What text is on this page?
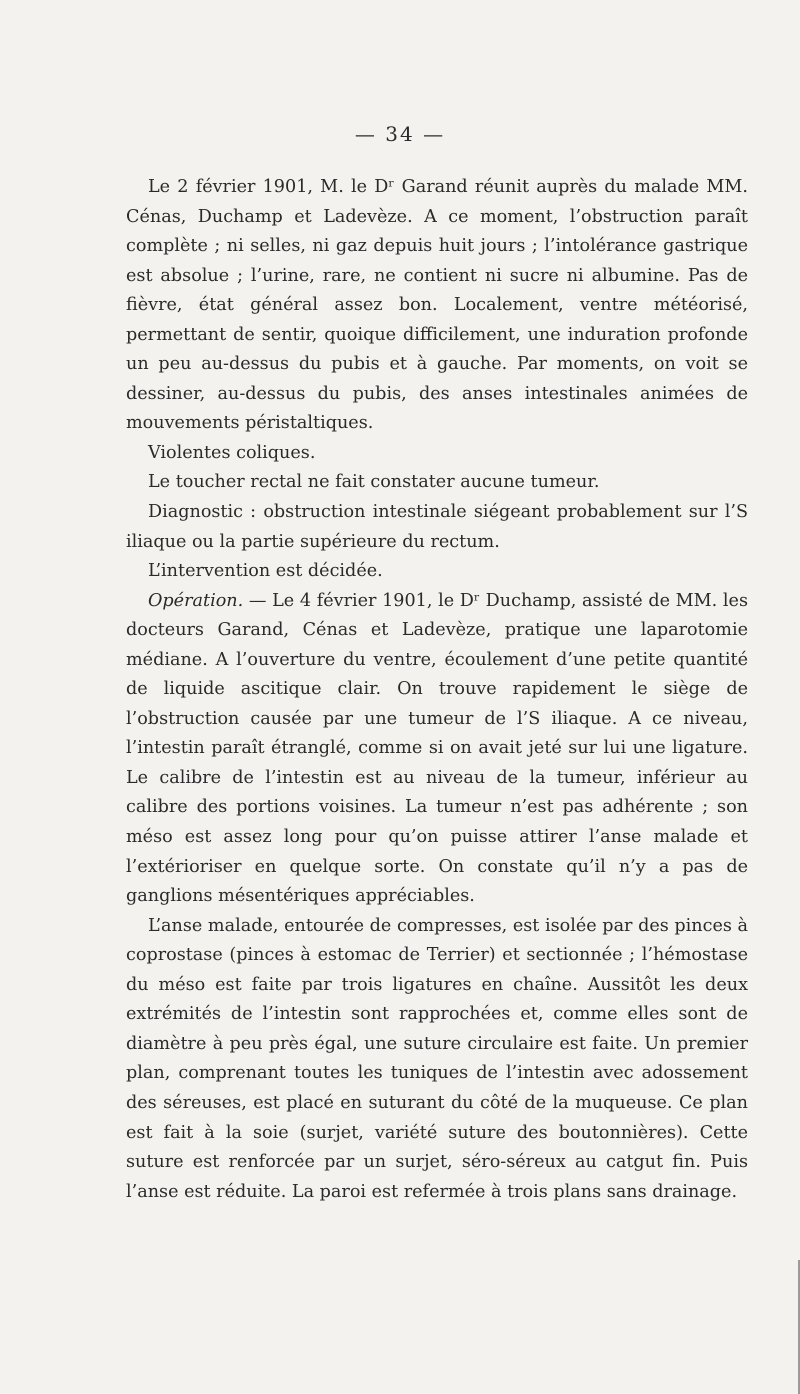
— 34 —

Le 2 février 1901, M. le Dʳ Garand réunit auprès du malade MM. Cénas, Duchamp et Ladevèze. A ce moment, l’obstruction paraît complète ; ni selles, ni gaz depuis huit jours ; l’intolérance gastrique est absolue ; l’urine, rare, ne contient ni sucre ni albumine. Pas de fièvre, état général assez bon. Localement, ventre météorisé, permettant de sentir, quoique difficilement, une induration profonde un peu au-dessus du pubis et à gauche. Par moments, on voit se dessiner, au-dessus du pubis, des anses intestinales animées de mouvements péristaltiques.

Violentes coliques.

Le toucher rectal ne fait constater aucune tumeur.

Diagnostic : obstruction intestinale siégeant probablement sur l’S iliaque ou la partie supérieure du rectum.

L’intervention est décidée.

Opération. — Le 4 février 1901, le Dʳ Duchamp, assisté de MM. les docteurs Garand, Cénas et Ladevèze, pratique une laparotomie médiane. A l’ouverture du ventre, écoulement d’une petite quantité de liquide ascitique clair. On trouve rapidement le siège de l’obstruction causée par une tumeur de l’S iliaque. A ce niveau, l’intestin paraît étranglé, comme si on avait jeté sur lui une ligature. Le calibre de l’intestin est au niveau de la tumeur, inférieur au calibre des portions voisines. La tumeur n’est pas adhérente ; son méso est assez long pour qu’on puisse attirer l’anse malade et l’extérioriser en quelque sorte. On constate qu’il n’y a pas de ganglions mésentériques appréciables.

L’anse malade, entourée de compresses, est isolée par des pinces à coprostase (pinces à estomac de Terrier) et sectionnée ; l’hémostase du méso est faite par trois ligatures en chaîne. Aussitôt les deux extrémités de l’intestin sont rapprochées et, comme elles sont de diamètre à peu près égal, une suture circulaire est faite. Un premier plan, comprenant toutes les tuniques de l’intestin avec adossement des séreuses, est placé en suturant du côté de la muqueuse. Ce plan est fait à la soie (surjet, variété suture des boutonnières). Cette suture est renforcée par un surjet, séro-séreux au catgut fin. Puis l’anse est réduite. La paroi est refermée à trois plans sans drainage.
